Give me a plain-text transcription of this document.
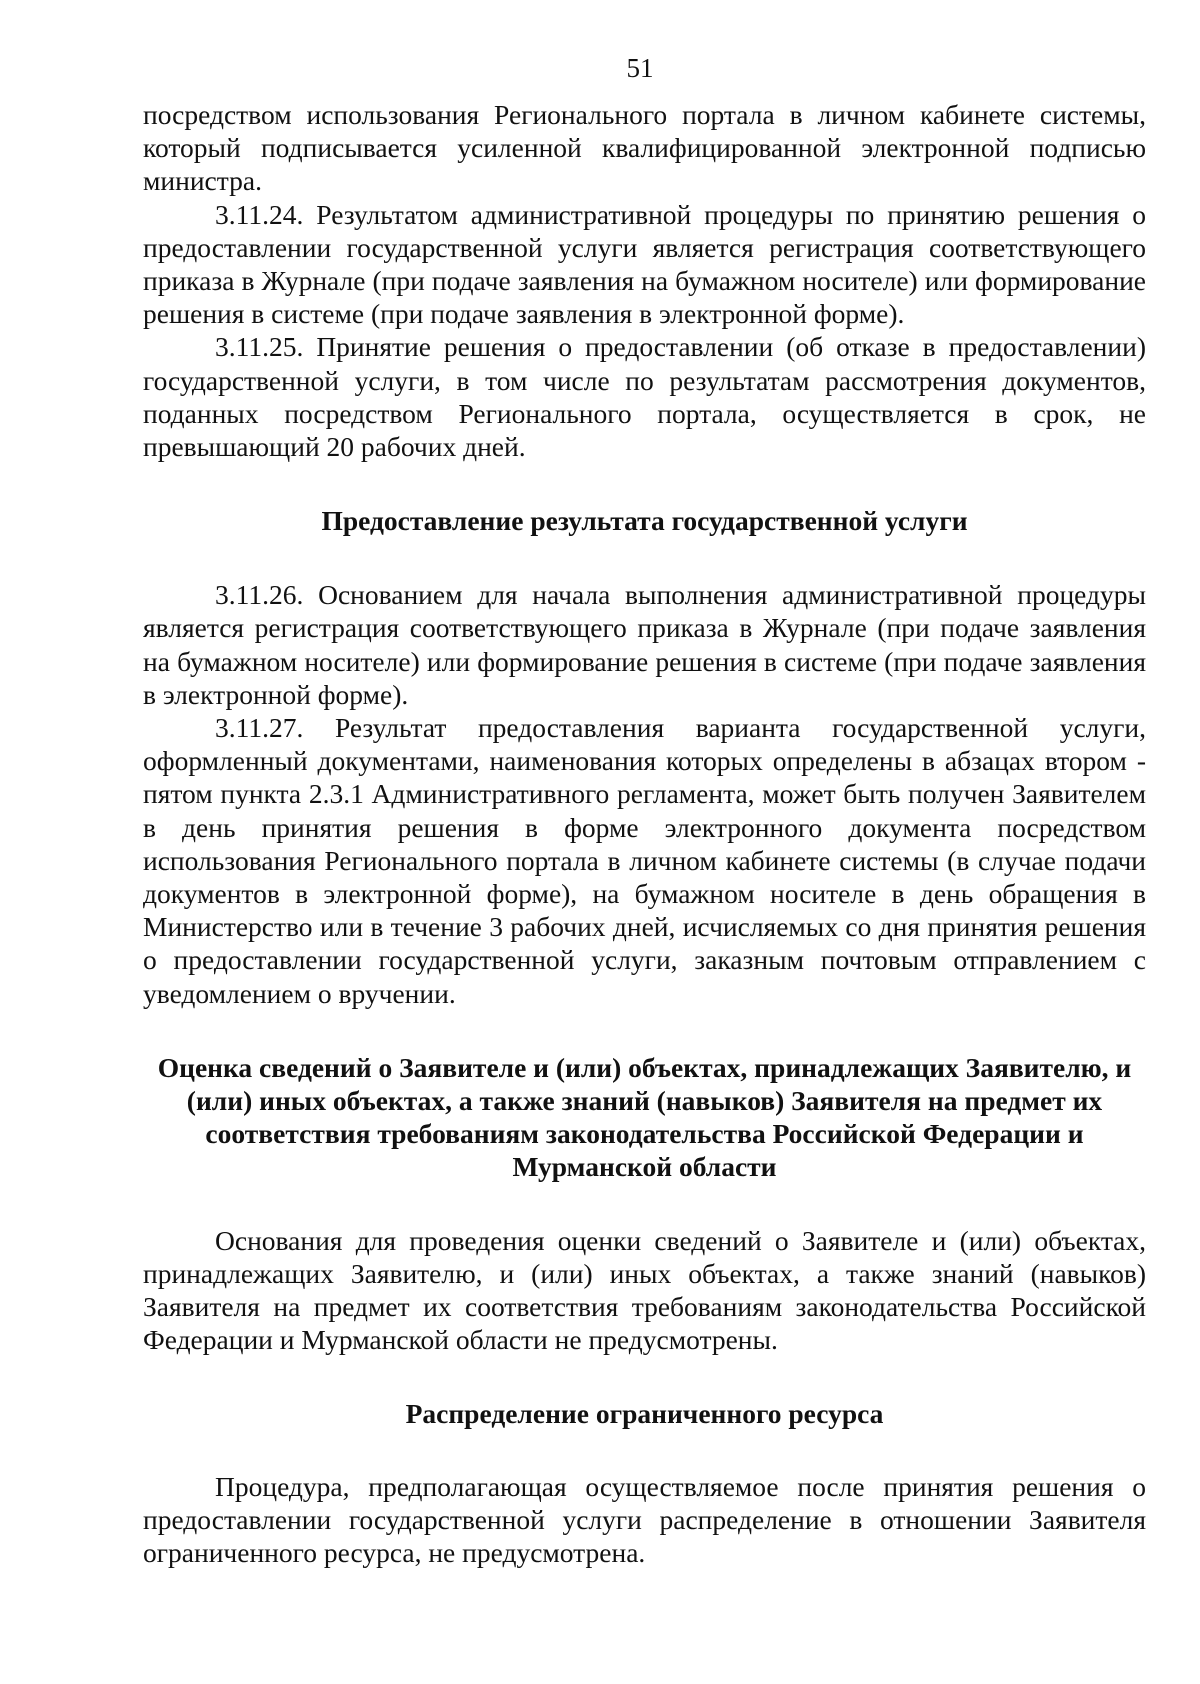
51

посредством использования Регионального портала в личном кабинете системы, который подписывается усиленной квалифицированной электронной подписью министра.

3.11.24. Результатом административной процедуры по принятию решения о предоставлении государственной услуги является регистрация соответствующего приказа в Журнале (при подаче заявления на бумажном носителе) или формирование решения в системе (при подаче заявления в электронной форме).

3.11.25. Принятие решения о предоставлении (об отказе в предоставлении) государственной услуги, в том числе по результатам рассмотрения документов, поданных посредством Регионального портала, осуществляется в срок, не превышающий 20 рабочих дней.

Предоставление результата государственной услуги

3.11.26. Основанием для начала выполнения административной процедуры является регистрация соответствующего приказа в Журнале (при подаче заявления на бумажном носителе) или формирование решения в системе (при подаче заявления в электронной форме).

3.11.27. Результат предоставления варианта государственной услуги, оформленный документами, наименования которых определены в абзацах втором - пятом пункта 2.3.1 Административного регламента, может быть получен Заявителем в день принятия решения в форме электронного документа посредством использования Регионального портала в личном кабинете системы (в случае подачи документов в электронной форме), на бумажном носителе в день обращения в Министерство или в течение 3 рабочих дней, исчисляемых со дня принятия решения о предоставлении государственной услуги, заказным почтовым отправлением с уведомлением о вручении.

Оценка сведений о Заявителе и (или) объектах, принадлежащих Заявителю, и (или) иных объектах, а также знаний (навыков) Заявителя на предмет их соответствия требованиям законодательства Российской Федерации и Мурманской области

Основания для проведения оценки сведений о Заявителе и (или) объектах, принадлежащих Заявителю, и (или) иных объектах, а также знаний (навыков) Заявителя на предмет их соответствия требованиям законодательства Российской Федерации и Мурманской области не предусмотрены.

Распределение ограниченного ресурса

Процедура, предполагающая осуществляемое после принятия решения о предоставлении государственной услуги распределение в отношении Заявителя ограниченного ресурса, не предусмотрена.
